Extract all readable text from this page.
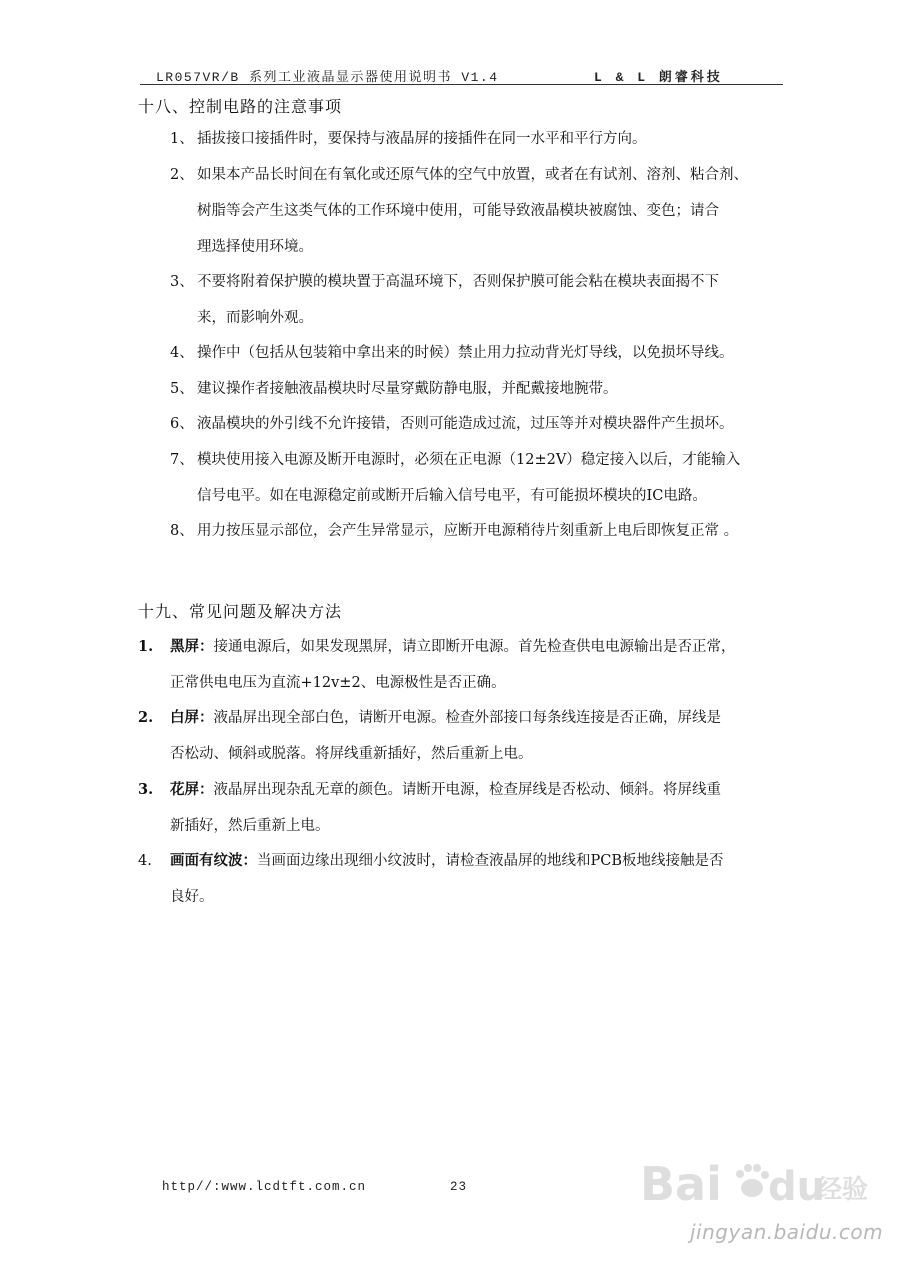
LR057VR/B 系列工业液晶显示器使用说明书 V1.4	L & L 朗睿科技
十八、控制电路的注意事项
1、 插拔接口接插件时，要保持与液晶屏的接插件在同一水平和平行方向。
2、 如果本产品长时间在有氧化或还原气体的空气中放置，或者在有试剂、溶剂、粘合剂、
树脂等会产生这类气体的工作环境中使用，可能导致液晶模块被腐蚀、变色；请合
理选择使用环境。
3、 不要将附着保护膜的模块置于高温环境下，否则保护膜可能会粘在模块表面揭不下
来，而影响外观。
4、 操作中（包括从包装箱中拿出来的时候）禁止用力拉动背光灯导线，以免损坏导线。
5、 建议操作者接触液晶模块时尽量穿戴防静电服，并配戴接地腕带。
6、 液晶模块的外引线不允许接错，否则可能造成过流，过压等并对模块器件产生损坏。
7、 模块使用接入电源及断开电源时，必须在正电源（12±2V）稳定接入以后，才能输入
信号电平。如在电源稳定前或断开后输入信号电平，有可能损坏模块的IC电路。
8、 用力按压显示部位，会产生异常显示，应断开电源稍待片刻重新上电后即恢复正常 。
十九、常见问题及解决方法
1. 黑屏：接通电源后，如果发现黑屏，请立即断开电源。首先检查供电电源输出是否正常，
正常供电电压为直流+12v±2、电源极性是否正确。
2. 白屏：液晶屏出现全部白色，请断开电源。检查外部接口每条线连接是否正确，屏线是
否松动、倾斜或脱落。将屏线重新插好，然后重新上电。
3. 花屏：液晶屏出现杂乱无章的颜色。请断开电源，检查屏线是否松动、倾斜。将屏线重
新插好，然后重新上电。
4. 画面有纹波：当画面边缘出现细小纹波时，请检查液晶屏的地线和PCB板地线接触是否
良好。
http//:www.lcdtft.com.cn	23	Bai du
经验
jingyan.baidu.com
